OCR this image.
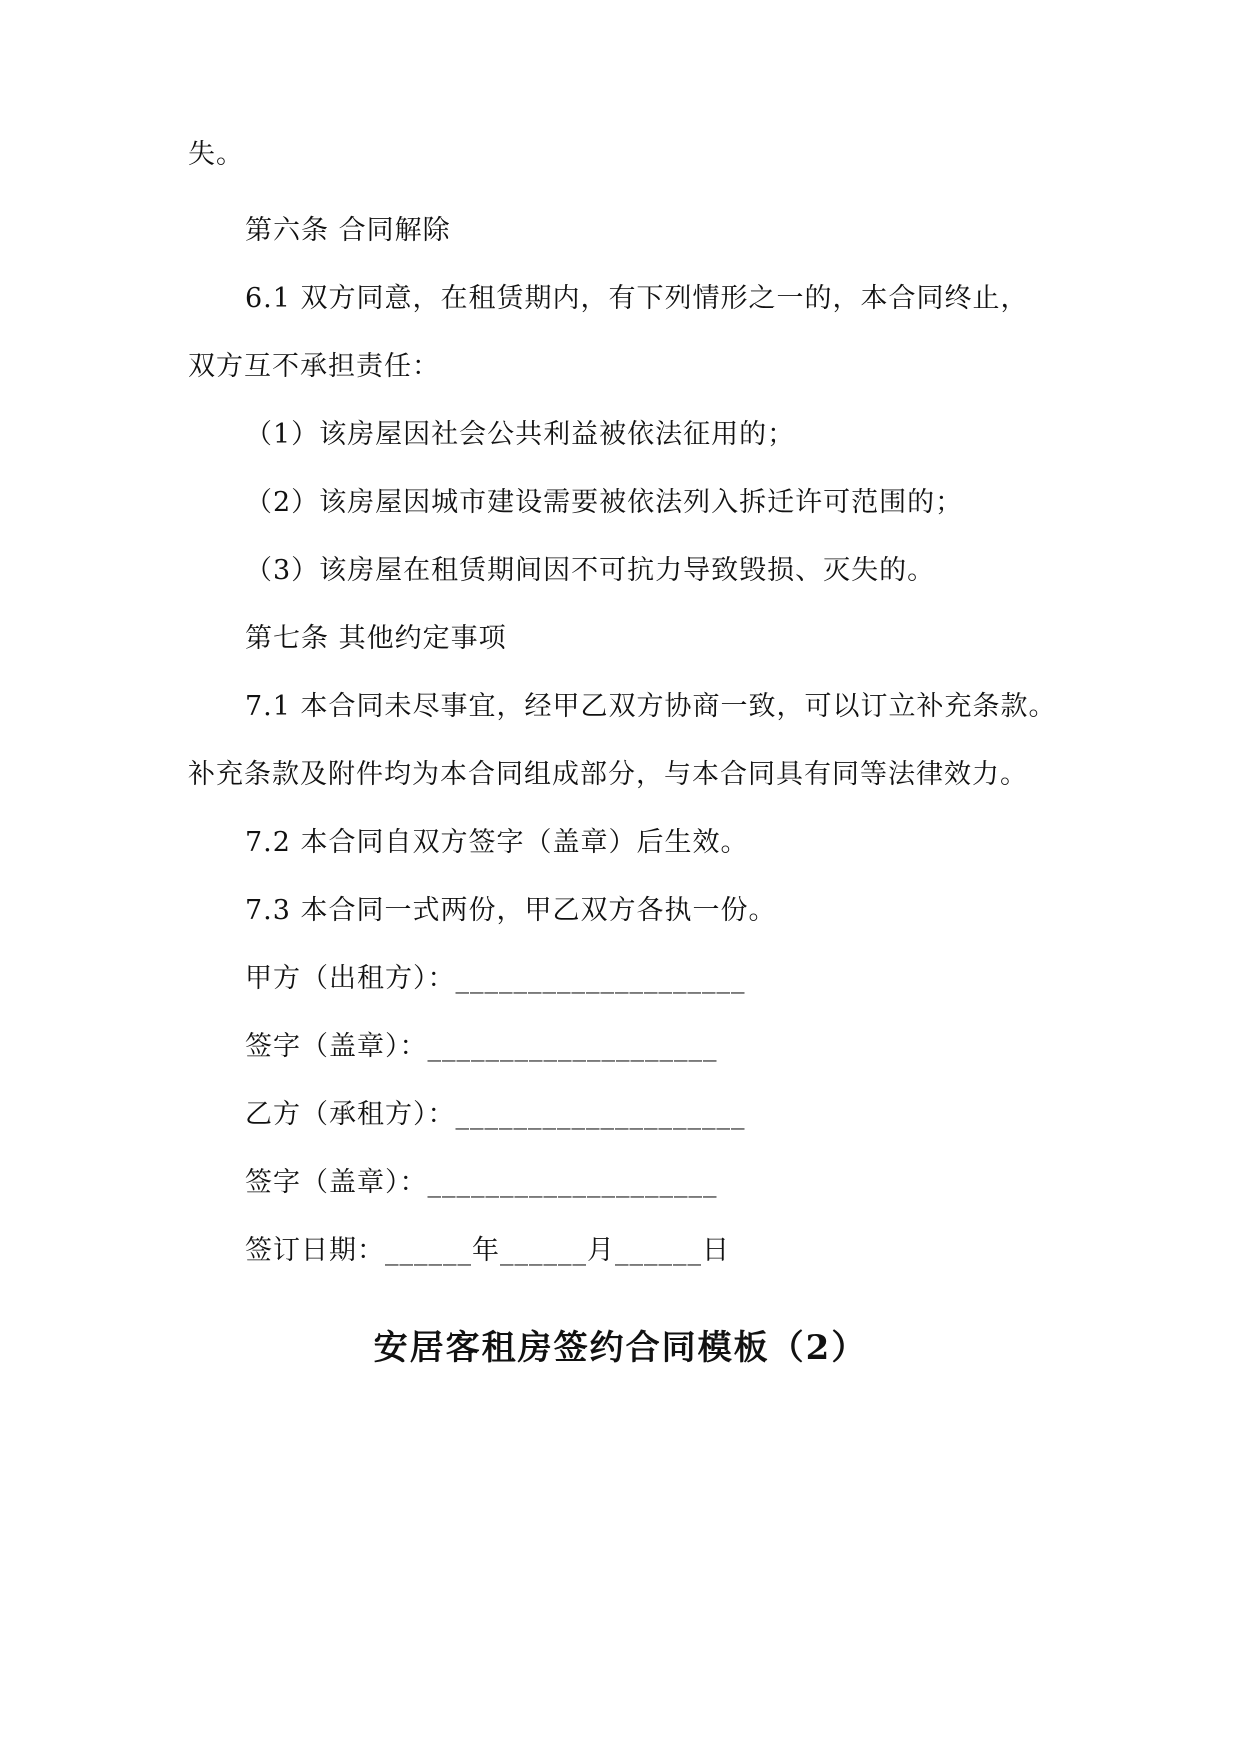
失。
第六条 合同解除
6.1 双方同意，在租赁期内，有下列情形之一的，本合同终止，
双方互不承担责任：
（1）该房屋因社会公共利益被依法征用的；
（2）该房屋因城市建设需要被依法列入拆迁许可范围的；
（3）该房屋在租赁期间因不可抗力导致毁损、灭失的。
第七条 其他约定事项
7.1 本合同未尽事宜，经甲乙双方协商一致，可以订立补充条款。
补充条款及附件均为本合同组成部分，与本合同具有同等法律效力。
7.2 本合同自双方签字（盖章）后生效。
7.3 本合同一式两份，甲乙双方各执一份。
甲方（出租方）：____________________
签字（盖章）：____________________
乙方（承租方）：____________________
签字（盖章）：____________________
签订日期：______年______月______日
安居客租房签约合同模板（2）
